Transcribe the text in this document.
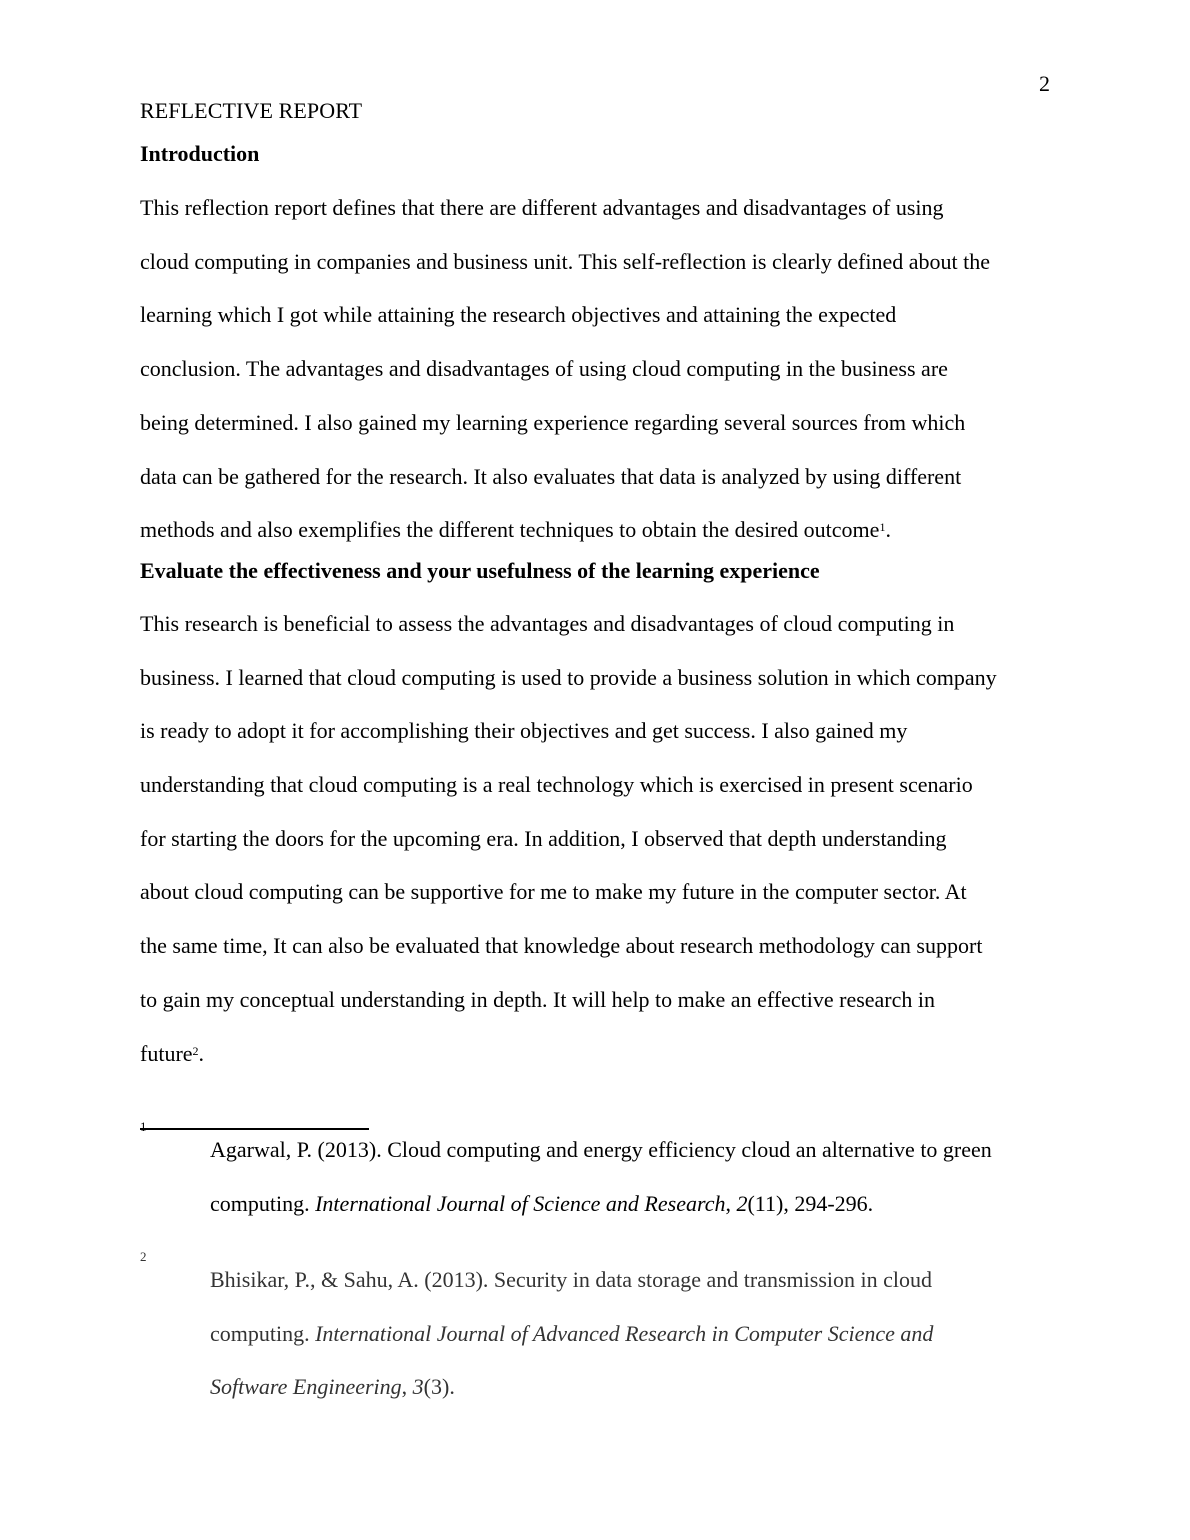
2
REFLECTIVE REPORT
Introduction

This reflection report defines that there are different advantages and disadvantages of using
cloud computing in companies and business unit. This self-reflection is clearly defined about the
learning which I got while attaining the research objectives and attaining the expected
conclusion. The advantages and disadvantages of using cloud computing in the business are
being determined. I also gained my learning experience regarding several sources from which
data can be gathered for the research. It also evaluates that data is analyzed by using different
methods and also exemplifies the different techniques to obtain the desired outcome$^1$.

Evaluate the effectiveness and your usefulness of the learning experience

This research is beneficial to assess the advantages and disadvantages of cloud computing in
business. I learned that cloud computing is used to provide a business solution in which company
is ready to adopt it for accomplishing their objectives and get success. I also gained my
understanding that cloud computing is a real technology which is exercised in present scenario
for starting the doors for the upcoming era. In addition, I observed that depth understanding
about cloud computing can be supportive for me to make my future in the computer sector. At
the same time, It can also be evaluated that knowledge about research methodology can support
to gain my conceptual understanding in depth. It will help to make an effective research in
future$^2$.

1
Agarwal, P. (2013). Cloud computing and energy efficiency cloud an alternative to green
computing. International Journal of Science and Research, 2(11), 294-296.
2
Bhisikar, P., & Sahu, A. (2013). Security in data storage and transmission in cloud
computing. International Journal of Advanced Research in Computer Science and
Software Engineering, 3(3).
